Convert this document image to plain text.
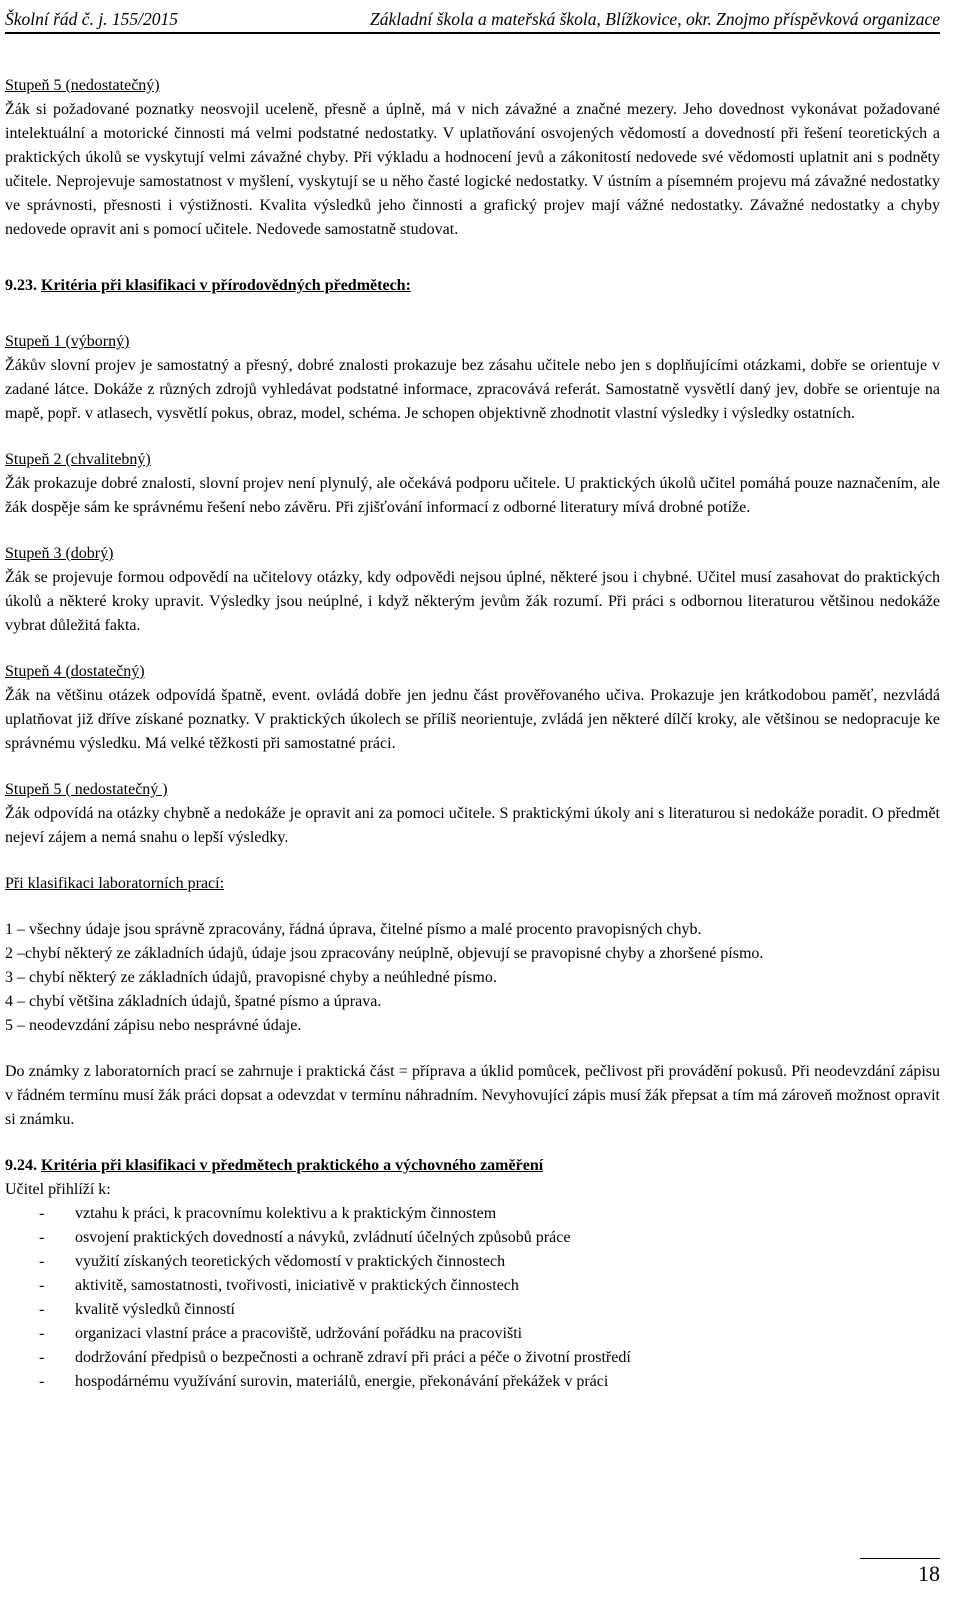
Školní řád č. j. 155/2015	Základní škola a mateřská škola, Blížkovice, okr. Znojmo příspěvková organizace

Stupeň 5 (nedostatečný)

Žák si požadované poznatky neosvojil uceleně, přesně a úplně, má v nich závažné a značné mezery. Jeho dovednost vykonávat požadované intelektuální a motorické činnosti má velmi podstatné nedostatky. V uplatňování osvojených vědomostí a dovedností při řešení teoretických a praktických úkolů se vyskytují velmi závažné chyby. Při výkladu a hodnocení jevů a zákonitostí nedovede své vědomosti uplatnit ani s podněty učitele. Neprojevuje samostatnost v myšlení, vyskytují se u něho časté logické nedostatky. V ústním a písemném projevu má závažné nedostatky ve správnosti, přesnosti i výstižnosti. Kvalita výsledků jeho činnosti a grafický projev mají vážné nedostatky. Závažné nedostatky a chyby nedovede opravit ani s pomocí učitele. Nedovede samostatně studovat.

9.23. Kritéria při klasifikaci v přírodovědných předmětech:

Stupeň 1 (výborný)

Žákův slovní projev je samostatný a přesný, dobré znalosti prokazuje bez zásahu učitele nebo jen s doplňujícími otázkami, dobře se orientuje v zadané látce. Dokáže z různých zdrojů vyhledávat podstatné informace, zpracovává referát. Samostatně vysvětlí daný jev, dobře se orientuje na mapě, popř. v atlasech, vysvětlí pokus, obraz, model, schéma. Je schopen objektivně zhodnotit vlastní výsledky i výsledky ostatních.

Stupeň 2 (chvalitebný)

Žák prokazuje dobré znalosti, slovní projev není plynulý, ale očekává podporu učitele. U praktických úkolů učitel pomáhá pouze naznačením, ale žák dospěje sám ke správnému řešení nebo závěru. Při zjišťování informací z odborné literatury mívá drobné potíže.

Stupeň 3 (dobrý)

Žák se projevuje formou odpovědí na učitelovy otázky, kdy odpovědi nejsou úplné, některé jsou i chybné. Učitel musí zasahovat do praktických úkolů a některé kroky upravit. Výsledky jsou neúplné, i když některým jevům žák rozumí. Při práci s odbornou literaturou většinou nedokáže vybrat důležitá fakta.

Stupeň 4 (dostatečný)

Žák na většinu otázek odpovídá špatně, event. ovládá dobře jen jednu část prověřovaného učiva. Prokazuje jen krátkodobou paměť, nezvládá uplatňovat již dříve získané poznatky. V praktických úkolech se příliš neorientuje, zvládá jen některé dílčí kroky, ale většinou se nedopracuje ke správnému výsledku. Má velké těžkosti při samostatné práci.

Stupeň 5 ( nedostatečný )

Žák odpovídá na otázky chybně a nedokáže je opravit ani za pomoci učitele. S praktickými úkoly ani s literaturou si nedokáže poradit. O předmět nejeví zájem a nemá snahu o lepší výsledky.

Při klasifikaci laboratorních prací:

1 – všechny údaje jsou správně zpracovány, řádná úprava, čitelné písmo a malé procento pravopisných chyb.

2 –chybí některý ze základních údajů, údaje jsou zpracovány neúplně, objevují se pravopisné chyby a zhoršené písmo.

3 – chybí některý ze základních údajů, pravopisné chyby a neúhledné písmo.

4 – chybí většina základních údajů, špatné písmo a úprava.

5 – neodevzdání zápisu nebo nesprávné údaje.

Do známky z laboratorních prací se zahrnuje i praktická část = příprava a úklid pomůcek, pečlivost při provádění pokusů. Při neodevzdání zápisu v řádném termínu musí žák práci dopsat a odevzdat v termínu náhradním. Nevyhovující zápis musí žák přepsat a tím má zároveň možnost opravit si známku.

9.24. Kritéria při klasifikaci v předmětech praktického a výchovného zaměření

Učitel přihlíží k:

-	vztahu k práci, k pracovnímu kolektivu a k praktickým činnostem
-	osvojení praktických dovedností a návyků, zvládnutí účelných způsobů práce
-	využití získaných teoretických vědomostí v praktických činnostech
-	aktivitě, samostatnosti, tvořivosti, iniciativě v praktických činnostech
-	kvalitě výsledků činností
-	organizaci vlastní práce a pracoviště, udržování pořádku na pracovišti
-	dodržování předpisů o bezpečnosti a ochraně zdraví při práci a péče o životní prostředí
-	hospodárnému využívání surovin, materiálů, energie, překonávání překážek v práci
18
